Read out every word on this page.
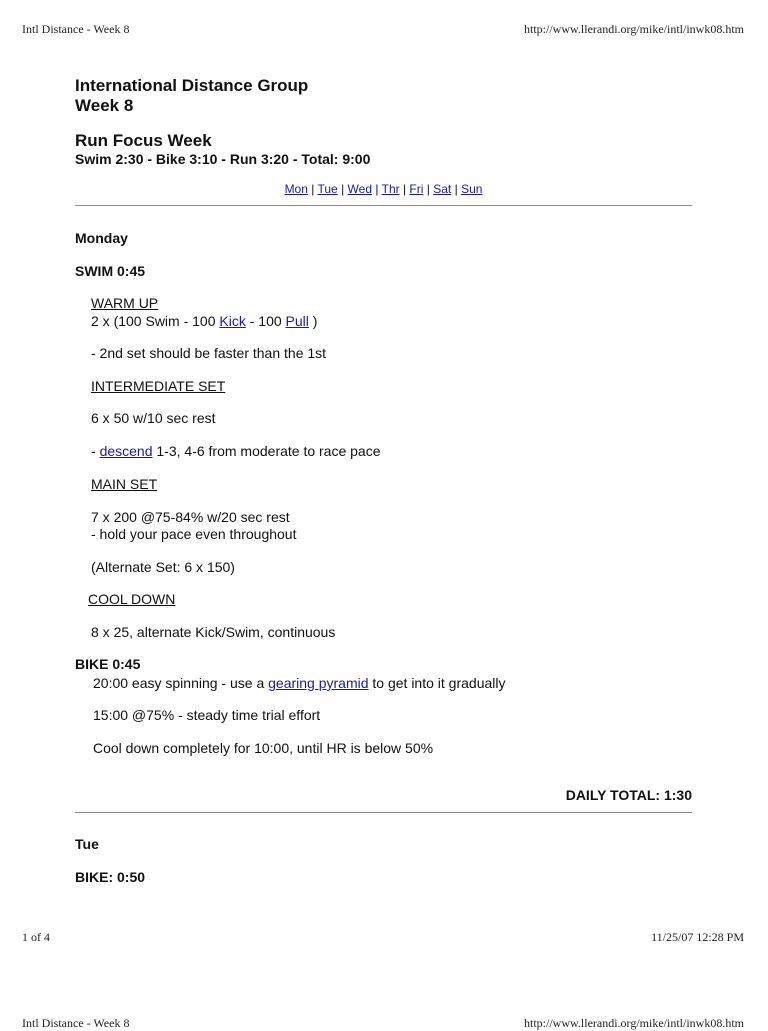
Intl Distance - Week 8	http://www.llerandi.org/mike/intl/inwk08.htm
International Distance Group
Week 8
Run Focus Week
Swim 2:30 - Bike 3:10 - Run 3:20 - Total: 9:00
Mon | Tue | Wed | Thr | Fri | Sat | Sun
Monday
SWIM 0:45
WARM UP
2 x (100 Swim - 100 Kick - 100 Pull )
- 2nd set should be faster than the 1st
INTERMEDIATE SET
6 x 50 w/10 sec rest
- descend 1-3, 4-6 from moderate to race pace
MAIN SET
7 x 200 @75-84% w/20 sec rest
- hold your pace even throughout
(Alternate Set: 6 x 150)
COOL DOWN
8 x 25, alternate Kick/Swim, continuous
BIKE 0:45
20:00 easy spinning - use a gearing pyramid to get into it gradually
15:00 @75% - steady time trial effort
Cool down completely for 10:00, until HR is below 50%
DAILY TOTAL: 1:30
Tue
BIKE: 0:50
1 of 4	11/25/07 12:28 PM
Intl Distance - Week 8	http://www.llerandi.org/mike/intl/inwk08.htm
